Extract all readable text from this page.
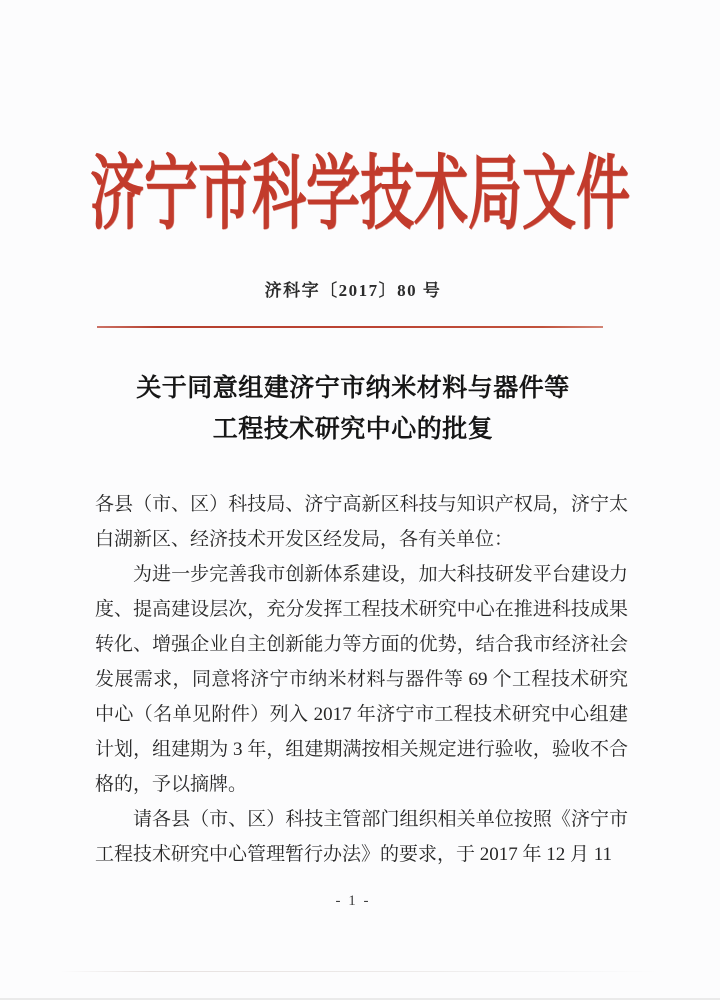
济宁市科学技术局文件
济科字〔2017〕80 号
关于同意组建济宁市纳米材料与器件等
工程技术研究中心的批复

各县（市、区）科技局、济宁高新区科技与知识产权局，济宁太白湖新区、经济技术开发区经发局，各有关单位：

为进一步完善我市创新体系建设，加大科技研发平台建设力度、提高建设层次，充分发挥工程技术研究中心在推进科技成果转化、增强企业自主创新能力等方面的优势，结合我市经济社会发展需求，同意将济宁市纳米材料与器件等 69 个工程技术研究中心（名单见附件）列入 2017 年济宁市工程技术研究中心组建计划，组建期为 3 年，组建期满按相关规定进行验收，验收不合格的，予以摘牌。

请各县（市、区）科技主管部门组织相关单位按照《济宁市工程技术研究中心管理暂行办法》的要求，于 2017 年 12 月 11

- 1 -
